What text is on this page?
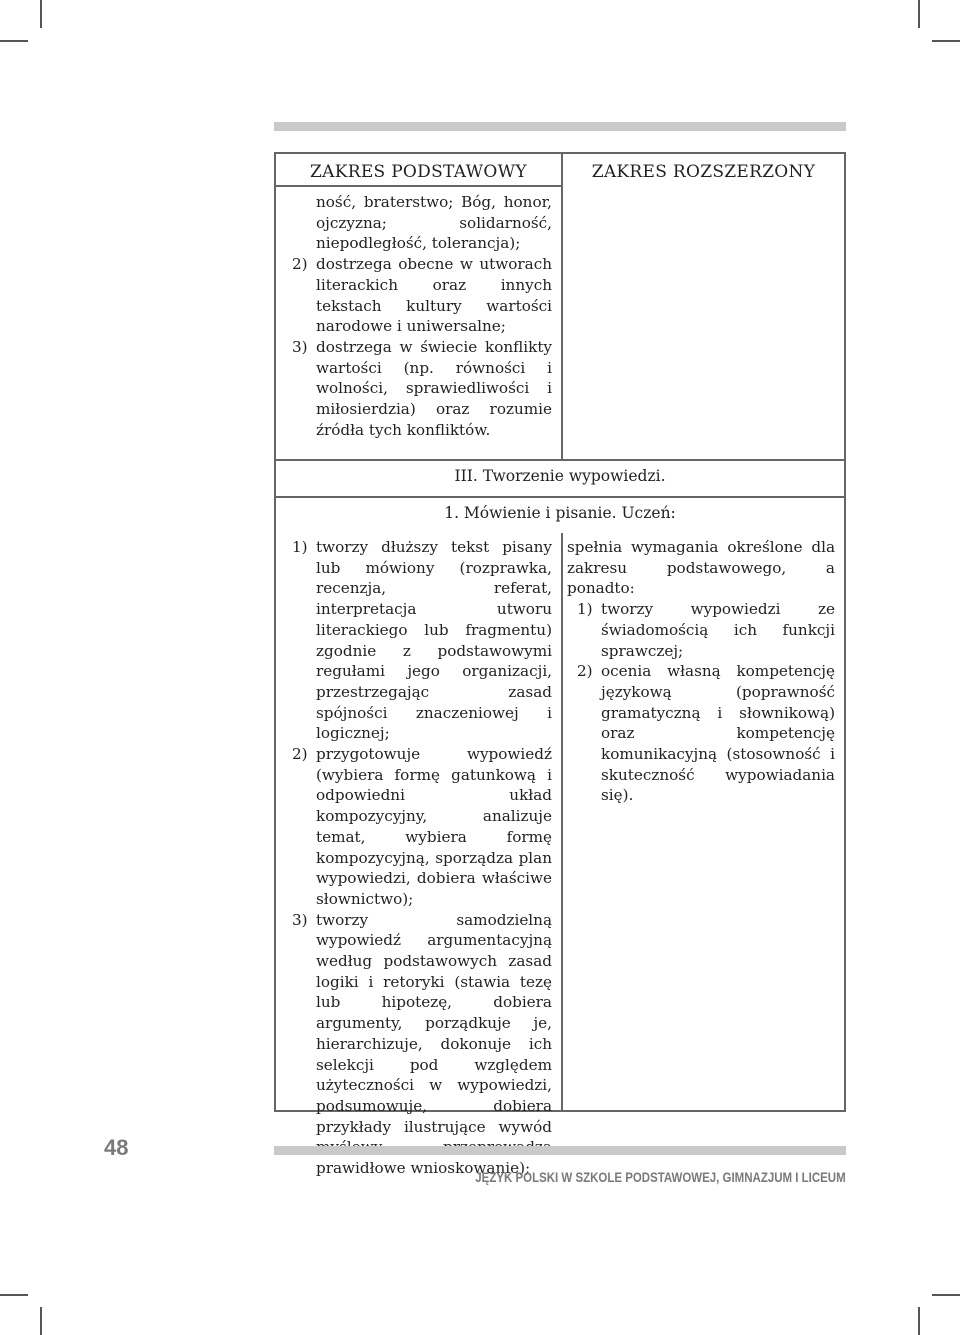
ZAKRES PODSTAWOWY	ZAKRES ROZSZERZONY
ność, braterstwo; Bóg, honor, ojczyzna; solidarność, niepodległość, tolerancja);
2) dostrzega obecne w utworach literackich oraz innych tekstach kultury wartości narodowe i uniwersalne;
3) dostrzega w świecie konflikty wartości (np. równości i wolności, sprawiedliwości i miłosierdzia) oraz rozumie źródła tych konfliktów.
III. Tworzenie wypowiedzi.
1. Mówienie i pisanie. Uczeń:
1) tworzy dłuższy tekst pisany lub mówiony (rozprawka, recenzja, referat, interpretacja utworu literackiego lub fragmentu) zgodnie z podstawowymi regułami jego organizacji, przestrzegając zasad spójności znaczeniowej i logicznej;
2) przygotowuje wypowiedź (wybiera formę gatunkową i odpowiedni układ kompozycyjny, analizuje temat, wybiera formę kompozycyjną, sporządza plan wypowiedzi, dobiera właściwe słownictwo);
3) tworzy samodzielną wypowiedź argumentacyjną według podstawowych zasad logiki i retoryki (stawia tezę lub hipotezę, dobiera argumenty, porządkuje je, hierarchizuje, dokonuje ich selekcji pod względem użyteczności w wypowiedzi, podsumowuje, dobiera przykłady ilustrujące wywód prawidłowe wnioskowanie);
spełnia wymagania określone dla zakresu podstawowego, a ponadto:
1) tworzy wypowiedzi ze świadomością ich funkcji sprawczej;
2) ocenia własną kompetencję językową (poprawność gramatyczną i słownikową) oraz kompetencję komunikacyjną (stosowność i skuteczność wypowiadania się).
48
JĘZYK POLSKI W SZKOLE PODSTAWOWEJ, GIMNAZJUM I LICEUM
